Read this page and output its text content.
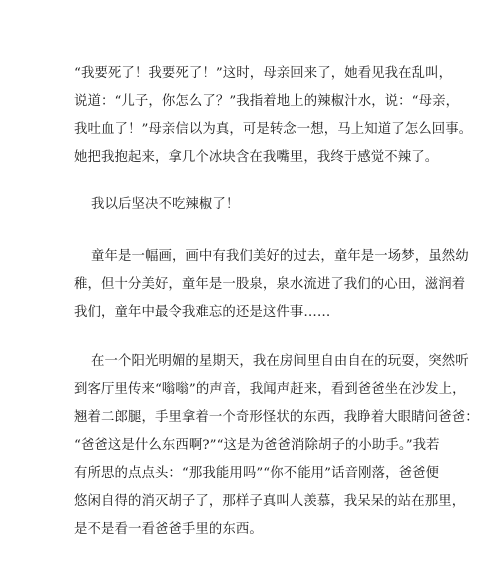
“我要死了！我要死了！”这时，母亲回来了，她看见我在乱叫，
说道：“儿子，你怎么了？”我指着地上的辣椒汁水，说：“母亲，
我吐血了！”母亲信以为真，可是转念一想，马上知道了怎么回事。
她把我抱起来，拿几个冰块含在我嘴里，我终于感觉不辣了。
我以后坚决不吃辣椒了！
童年是一幅画，画中有我们美好的过去，童年是一场梦，虽然幼
稚，但十分美好，童年是一股泉，泉水流进了我们的心田，滋润着
我们，童年中最令我难忘的还是这件事……
在一个阳光明媚的星期天，我在房间里自由自在的玩耍，突然听
到客厅里传来“嗡嗡”的声音，我闻声赶来，看到爸爸坐在沙发上，
翘着二郎腿，手里拿着一个奇形怪状的东西，我睁着大眼睛问爸爸：
“爸爸这是什么东西啊?”“这是为爸爸消除胡子的小助手。”我若
有所思的点点头：“那我能用吗”“你不能用”话音刚落，爸爸便
悠闲自得的消灭胡子了，那样子真叫人羡慕，我呆呆的站在那里，
是不是看一看爸爸手里的东西。
